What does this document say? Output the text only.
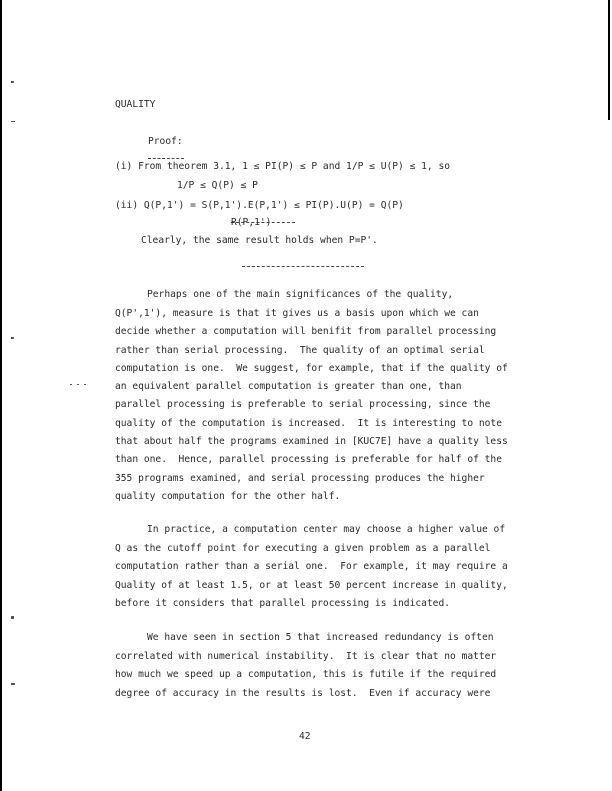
QUALITY
Proof:
(i) From theorem 3.1, 1 ≤ PI(P) ≤ P and 1/P ≤ U(P) ≤ 1, so
1/P ≤ Q(P) ≤ P
(ii) Q(P,1') = S(P,1').E(P,1') ≤ PI(P).U(P) = Q(P)
R(P,1')
Clearly, the same result holds when P=P'.
Perhaps one of the main significances of the quality,
Q(P',1'), measure is that it gives us a basis upon which we can
decide whether a computation will benifit from parallel processing
rather than serial processing.  The quality of an optimal serial
computation is one.  We suggest, for example, that if the quality of
an equivalent parallel computation is greater than one, than
parallel processing is preferable to serial processing, since the
quality of the computation is increased.  It is interesting to note
that about half the programs examined in [KUC7E] have a quality less
than one.  Hence, parallel processing is preferable for half of the
355 programs examined, and serial processing produces the higher
quality computation for the other half.
In practice, a computation center may choose a higher value of
Q as the cutoff point for executing a given problem as a parallel
computation rather than a serial one.  For example, it may require a
Quality of at least 1.5, or at least 50 percent increase in quality,
before it considers that parallel processing is indicated.
We have seen in section 5 that increased redundancy is often
correlated with numerical instability.  It is clear that no matter
how much we speed up a computation, this is futile if the required
degree of accuracy in the results is lost.  Even if accuracy were
42
